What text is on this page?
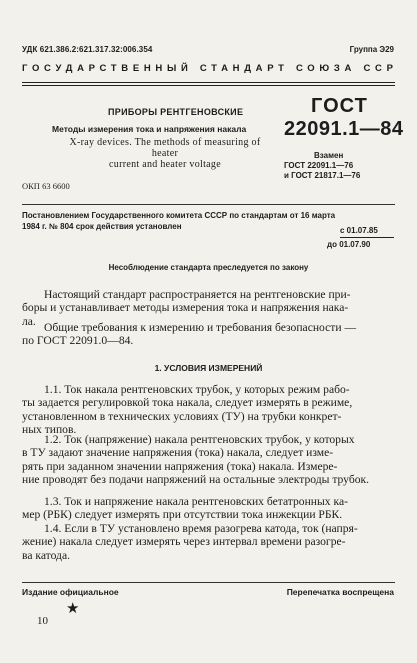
УДК 621.386.2:621.317.32:006.354	Группа Э29
ГОСУДАРСТВЕННЫЙ СТАНДАРТ СОЮЗА ССР
ПРИБОРЫ РЕНТГЕНОВСКИЕ
Методы измерения тока и напряжения накала
X-ray devices. The methods of measuring of heater
current and heater voltage
ГОСТ
22091.1—84
Взамен
ГОСТ 22091.1—76
и ГОСТ 21817.1—76
ОКП 63 6600
Постановлением Государственного комитета СССР по стандартам от 16 марта
1984 г. № 804 срок действия установлен	с 01.07.85
до 01.07.90
Несоблюдение стандарта преследуется по закону
Настоящий стандарт распространяется на рентгеновские при-
боры и устанавливает методы измерения тока и напряжения нака-
ла. Общие требования к измерению и требования безопасности —
по ГОСТ 22091.0—84.
1. УСЛОВИЯ ИЗМЕРЕНИЙ
1.1. Ток накала рентгеновских трубок, у которых режим рабо-
ты задается регулировкой тока накала, следует измерять в режиме,
установленном в технических условиях (ТУ) на трубки конкрет-
ных типов.
1.2. Ток (напряжение) накала рентгеновских трубок, у которых
в ТУ задают значение напряжения (тока) накала, следует изме-
рять при заданном значении напряжения (тока) накала. Измере-
ние проводят без подачи напряжений на остальные электроды трубок.
1.3. Ток и напряжение накала рентгеновских бетатронных ка-
мер (РБК) следует измерять при отсутствии тока инжекции РБК.
1.4. Если в ТУ установлено время разогрева катода, ток (напря-
жение) накала следует измерять через интервал времени разогре-
ва катода.
Издание официальное	Перепечатка воспрещена
★
10
